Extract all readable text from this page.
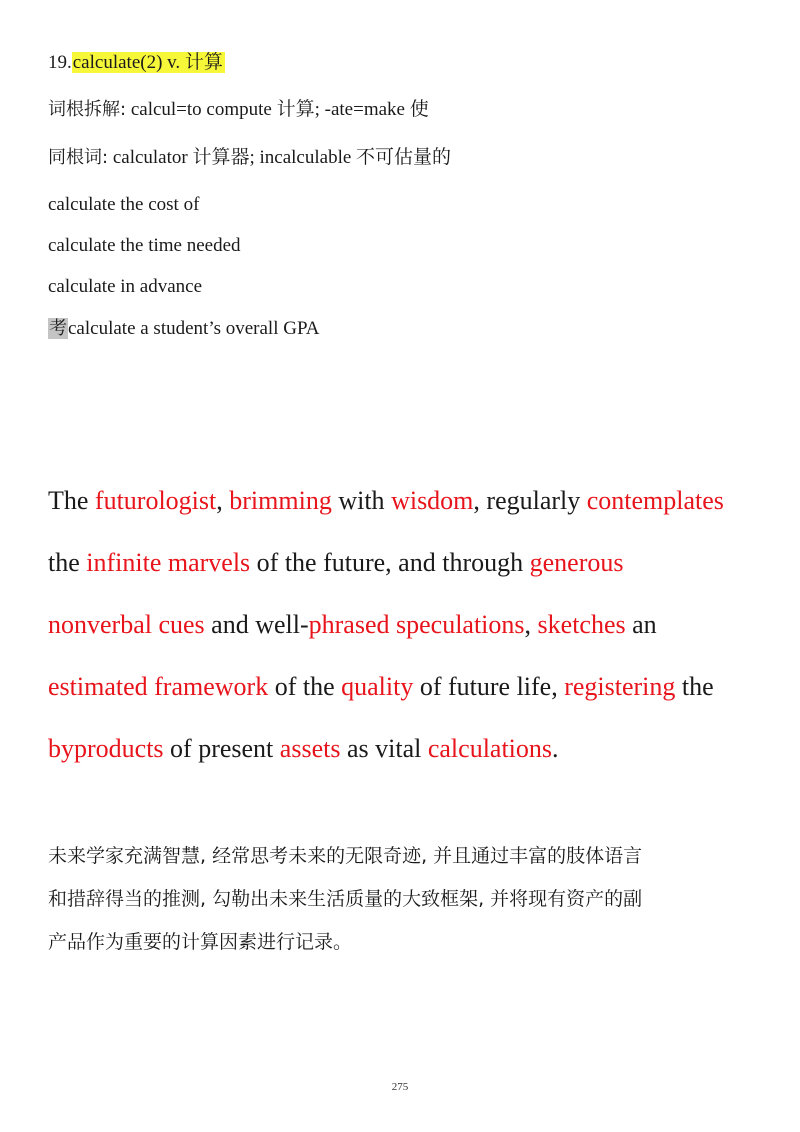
19.calculate(2) v. 计算
词根拆解: calcul=to compute 计算; -ate=make 使
同根词: calculator 计算器; incalculable 不可估量的
calculate the cost of
calculate the time needed
calculate in advance
考calculate a student’s overall GPA
The futurologist, brimming with wisdom, regularly contemplates
the infinite marvels of the future, and through generous
nonverbal cues and well-phrased speculations, sketches an
estimated framework of the quality of future life, registering the
byproducts of present assets as vital calculations.
未来学家充满智慧, 经常思考未来的无限奇迹, 并且通过丰富的肢体语言
和措辞得当的推测, 勾勒出未来生活质量的大致框架, 并将现有资产的副
产品作为重要的计算因素进行记录。
275
